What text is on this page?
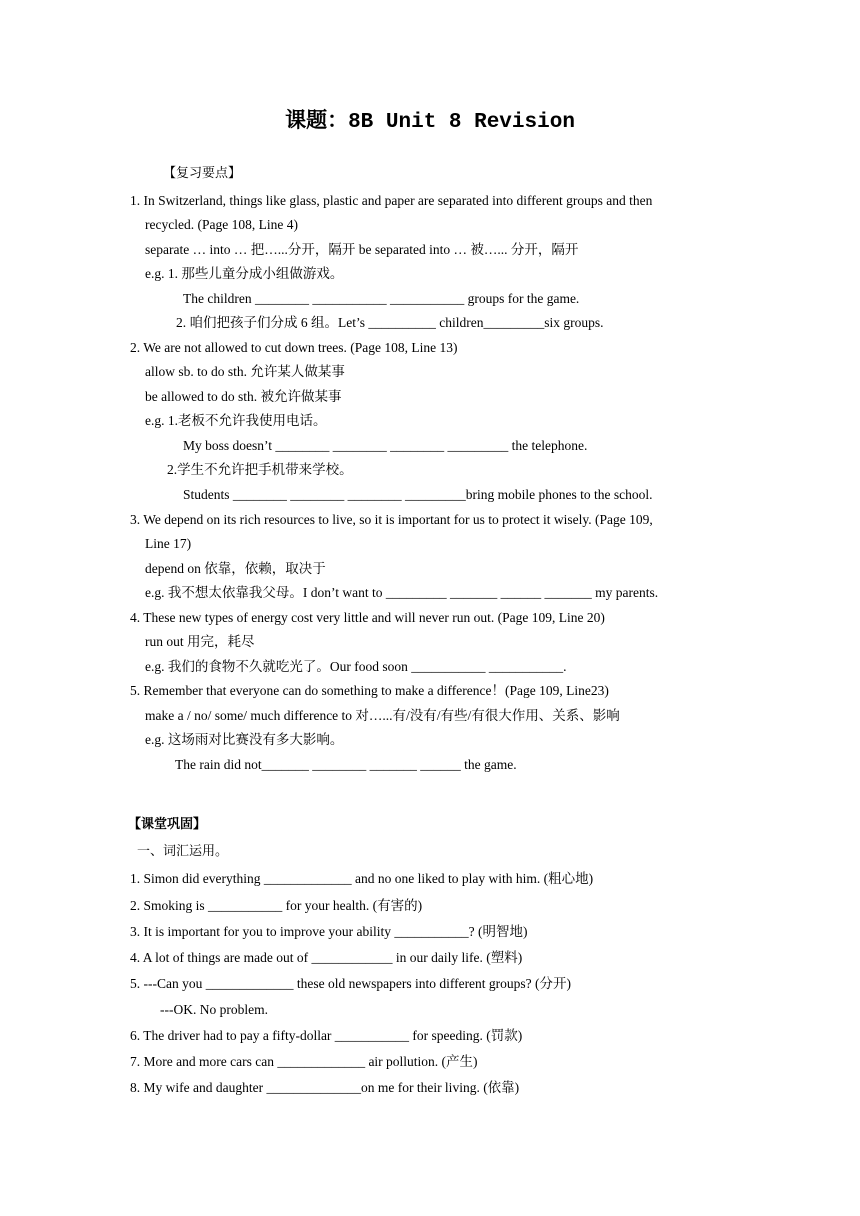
课题：8B Unit 8 Revision
【复习要点】
1. In Switzerland, things like glass, plastic and paper are separated into different groups and then
recycled. (Page 108, Line 4)
separate … into … 把…...分开，隔开 be separated into … 被…... 分开，隔开
e.g. 1. 那些儿童分成小组做游戏。
The children ________ ___________ ___________ groups for the game.
2. 咱们把孩子们分成 6 组。Let’s __________ children_________six groups.
2. We are not allowed to cut down trees. (Page 108, Line 13)
allow sb. to do sth. 允许某人做某事
be allowed to do sth. 被允许做某事
e.g. 1.老板不允许我使用电话。
My boss doesn’t ________ ________ ________ _________ the telephone.
2.学生不允许把手机带来学校。
Students ________ ________ ________ _________bring mobile phones to the school.
3. We depend on its rich resources to live, so it is important for us to protect it wisely. (Page 109,
Line 17)
depend on 依靠，依赖，取决于
e.g. 我不想太依靠我父母。I don’t want to _________ _______ ______ _______ my parents.
4. These new types of energy cost very little and will never run out. (Page 109, Line 20)
run out 用完，耗尽
e.g. 我们的食物不久就吃光了。Our food soon ___________ ___________.
5. Remember that everyone can do something to make a difference！(Page 109, Line23)
make a / no/ some/ much difference to 对…...有/没有/有些/有很大作用、关系、影响
e.g. 这场雨对比赛没有多大影响。
The rain did not_______ ________ _______ ______ the game.
【课堂巩固】
一、词汇运用。
1. Simon did everything _____________ and no one liked to play with him. (粗心地)
2. Smoking is ___________ for your health. (有害的)
3. It is important for you to improve your ability ___________? (明智地)
4. A lot of things are made out of ____________ in our daily life. (塑料)
5. ---Can you _____________ these old newspapers into different groups? (分开)
---OK. No problem.
6. The driver had to pay a fifty-dollar ___________ for speeding. (罚款)
7. More and more cars can _____________ air pollution. (产生)
8. My wife and daughter ______________on me for their living. (依靠)
